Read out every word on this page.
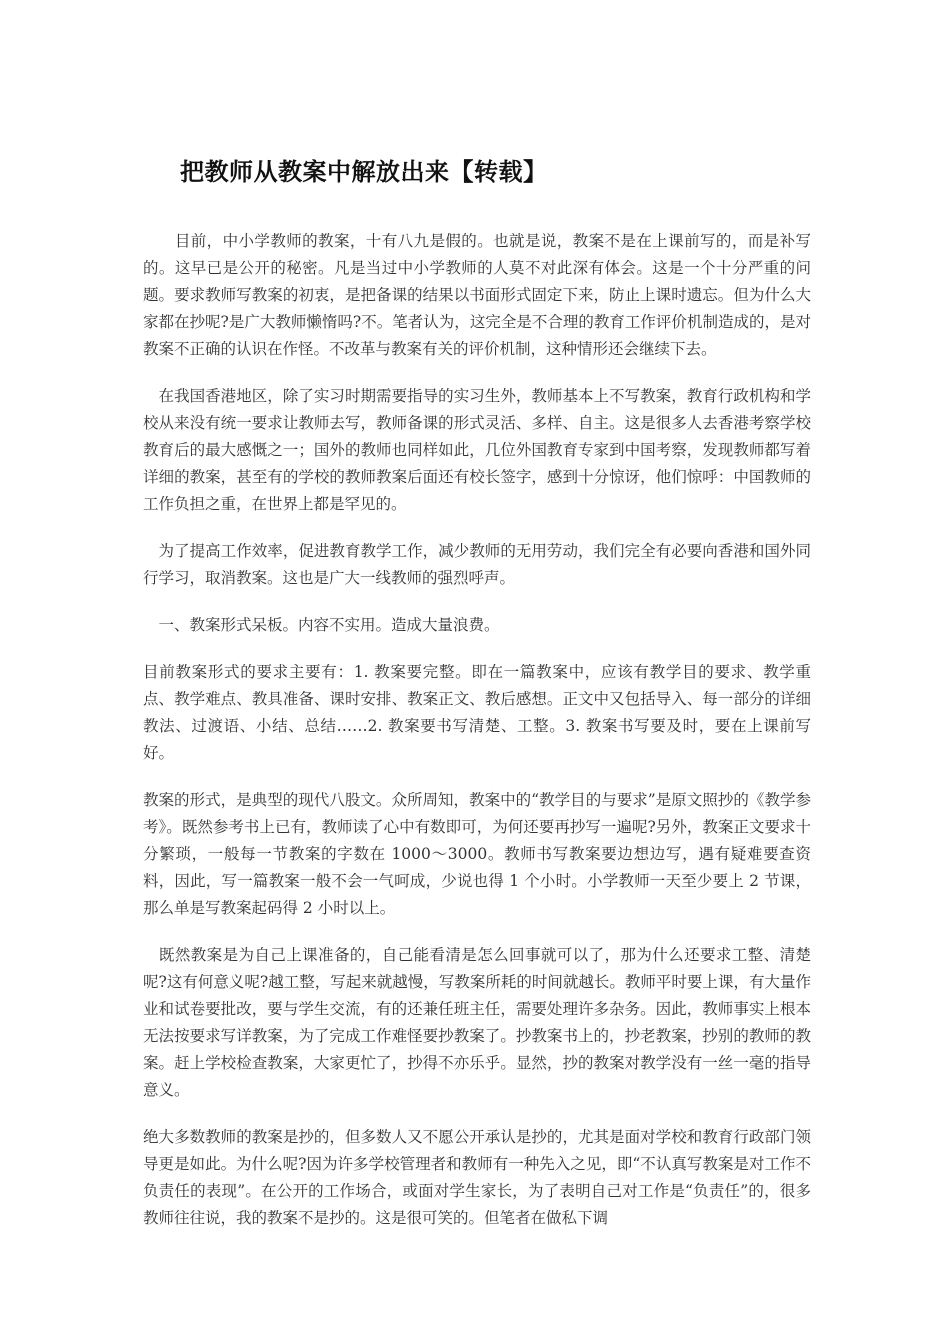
把教师从教案中解放出来【转载】

　　目前，中小学教师的教案，十有八九是假的。也就是说，教案不是在上课前写的，而是补写的。这早已是公开的秘密。凡是当过中小学教师的人莫不对此深有体会。这是一个十分严重的问题。要求教师写教案的初衷，是把备课的结果以书面形式固定下来，防止上课时遗忘。但为什么大家都在抄呢?是广大教师懒惰吗?不。笔者认为，这完全是不合理的教育工作评价机制造成的，是对教案不正确的认识在作怪。不改革与教案有关的评价机制，这种情形还会继续下去。

　在我国香港地区，除了实习时期需要指导的实习生外，教师基本上不写教案，教育行政机构和学校从来没有统一要求让教师去写，教师备课的形式灵活、多样、自主。这是很多人去香港考察学校教育后的最大感慨之一；国外的教师也同样如此，几位外国教育专家到中国考察，发现教师都写着详细的教案，甚至有的学校的教师教案后面还有校长签字，感到十分惊讶，他们惊呼：中国教师的工作负担之重，在世界上都是罕见的。

　为了提高工作效率，促进教育教学工作，减少教师的无用劳动，我们完全有必要向香港和国外同行学习，取消教案。这也是广大一线教师的强烈呼声。

　一、教案形式呆板。内容不实用。造成大量浪费。

目前教案形式的要求主要有：1. 教案要完整。即在一篇教案中，应该有教学目的要求、教学重点、教学难点、教具准备、课时安排、教案正文、教后感想。正文中又包括导入、每一部分的详细教法、过渡语、小结、总结……2. 教案要书写清楚、工整。3. 教案书写要及时，要在上课前写好。

教案的形式，是典型的现代八股文。众所周知，教案中的“教学目的与要求”是原文照抄的《教学参考》。既然参考书上已有，教师读了心中有数即可，为何还要再抄写一遍呢?另外，教案正文要求十分繁琐，一般每一节教案的字数在 1000～3000。教师书写教案要边想边写，遇有疑难要查资料，因此，写一篇教案一般不会一气呵成，少说也得 1 个小时。小学教师一天至少要上 2 节课，那么单是写教案起码得 2 小时以上。

　既然教案是为自己上课准备的，自己能看清是怎么回事就可以了，那为什么还要求工整、清楚呢?这有何意义呢?越工整，写起来就越慢，写教案所耗的时间就越长。教师平时要上课，有大量作业和试卷要批改，要与学生交流，有的还兼任班主任，需要处理许多杂务。因此，教师事实上根本无法按要求写详教案，为了完成工作难怪要抄教案了。抄教案书上的，抄老教案，抄别的教师的教案。赶上学校检查教案，大家更忙了，抄得不亦乐乎。显然，抄的教案对教学没有一丝一毫的指导意义。

绝大多数教师的教案是抄的，但多数人又不愿公开承认是抄的，尤其是面对学校和教育行政部门领导更是如此。为什么呢?因为许多学校管理者和教师有一种先入之见，即“不认真写教案是对工作不负责任的表现”。在公开的工作场合，或面对学生家长，为了表明自己对工作是“负责任”的，很多教师往往说，我的教案不是抄的。这是很可笑的。但笔者在做私下调
